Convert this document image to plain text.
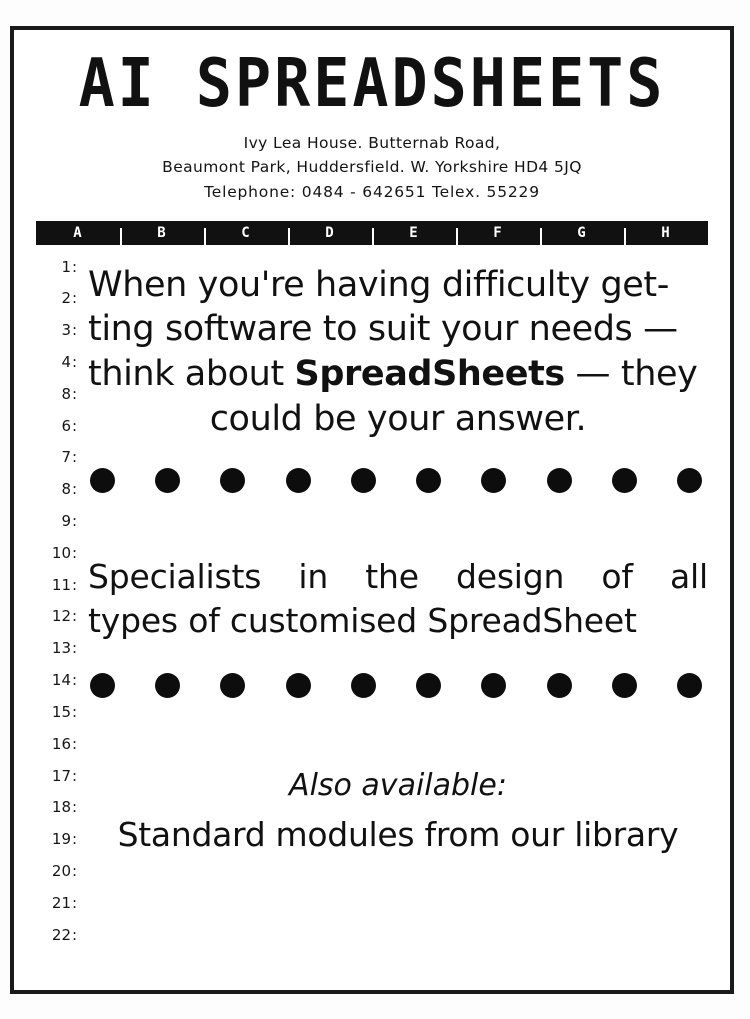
AI SPREADSHEETS
Ivy Lea House. Butternab Road,
Beaumont Park, Huddersfield. W. Yorkshire HD4 5JQ
Telephone: 0484 - 642651 Telex. 55229
A	B	C	D	E	F	G	H
1 :
2 :
3 :
4 :
8 :
6 :
7 :
8 :
9 :
10 :
11 :
12 :
13 :
14 :
15 :
16 :
17 :
18 :
19 :
20 :
21 :
22 :
When you're having difficulty get-
ting software to suit your needs —
think about SpreadSheets — they
could be your answer.
Specialists in the design of all
types of customised SpreadSheet
Also available:
Standard modules from our library
